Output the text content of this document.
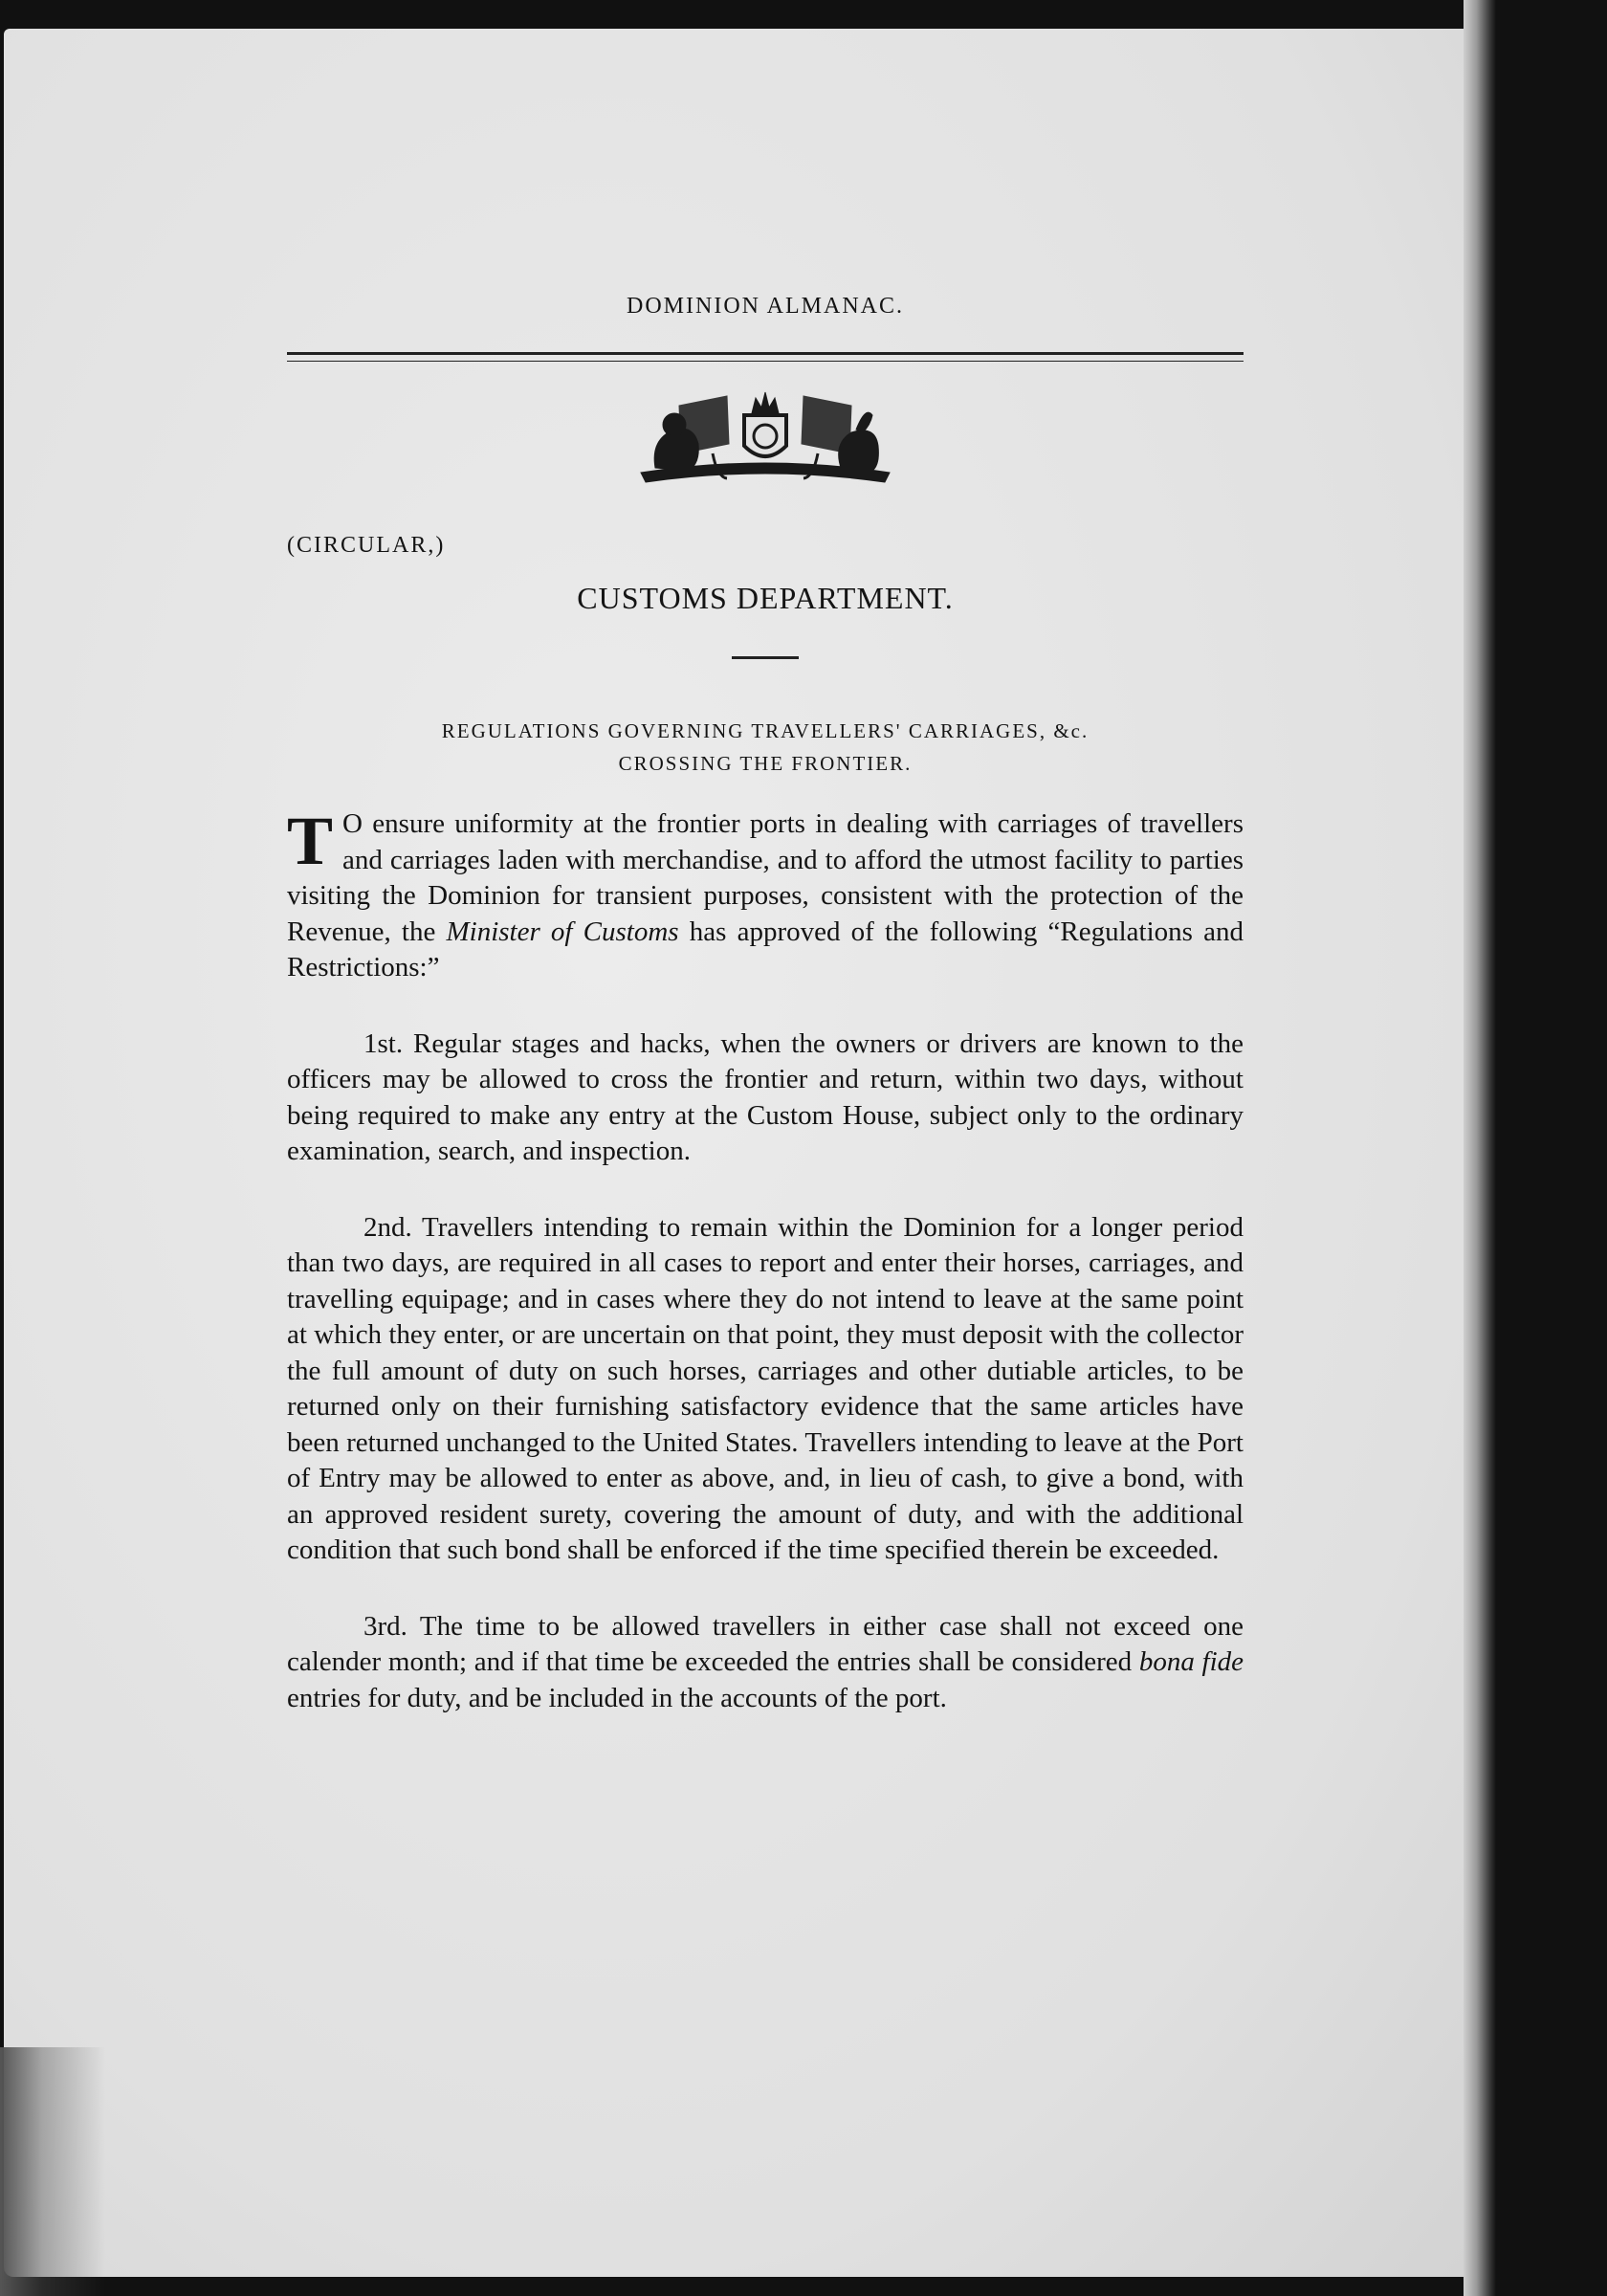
DOMINION ALMANAC.
(CIRCULAR,)
CUSTOMS DEPARTMENT.
REGULATIONS GOVERNING TRAVELLERS' CARRIAGES, &c.
CROSSING THE FRONTIER.

T O ensure uniformity at the frontier ports in dealing with carriages of travellers and carriages laden with merchandise, and to afford the utmost facility to parties visiting the Dominion for transient purposes, consistent with the protection of the Revenue, the Minister of Customs has approved of the following “Regulations and Restrictions:”

1st. Regular stages and hacks, when the owners or drivers are known to the officers may be allowed to cross the frontier and return, within two days, without being required to make any entry at the Custom House, subject only to the ordinary examination, search, and inspection.

2nd. Travellers intending to remain within the Dominion for a longer period than two days, are required in all cases to report and enter their horses, carriages, and travelling equipage; and in cases where they do not intend to leave at the same point at which they enter, or are uncertain on that point, they must deposit with the collector the full amount of duty on such horses, carriages and other dutiable articles, to be returned only on their furnishing satisfactory evidence that the same articles have been returned unchanged to the United States. Travellers intending to leave at the Port of Entry may be allowed to enter as above, and, in lieu of cash, to give a bond, with an approved resident surety, covering the amount of duty, and with the additional condition that such bond shall be enforced if the time specified therein be exceeded.

3rd. The time to be allowed travellers in either case shall not exceed one calender month; and if that time be exceeded the entries shall be considered bona fide entries for duty, and be included in the accounts of the port.
